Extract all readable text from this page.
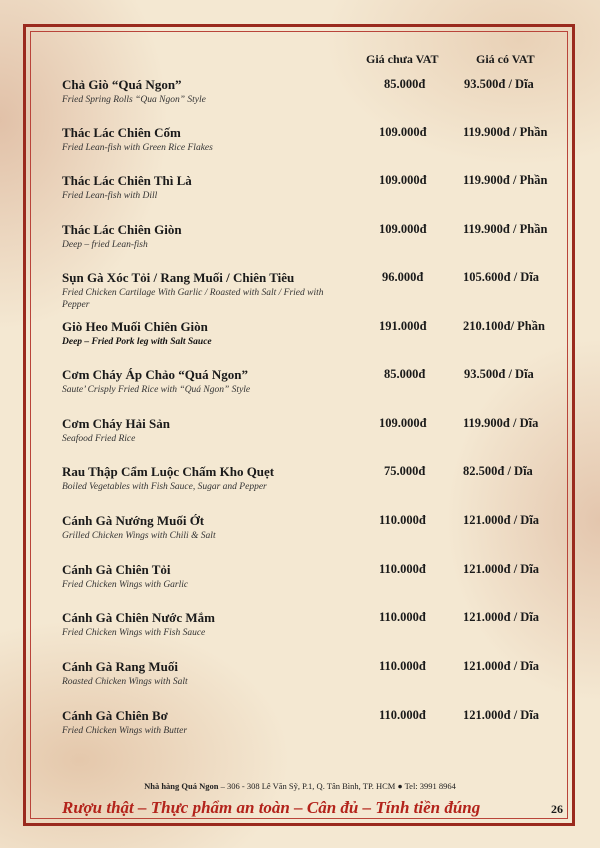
Giá chưa VAT	Giá có VAT
Chả Giò “Quá Ngon”
Fried Spring Rolls “Qua Ngon” Style
85.000đ	93.500đ / Dĩa
Thác Lác Chiên Cốm
Fried Lean-fish with Green Rice Flakes
109.000đ	119.900đ / Phần
Thác Lác Chiên Thì Là
Fried Lean-fish with Dill
109.000đ	119.900đ / Phần
Thác Lác Chiên Giòn
Deep – fried Lean-fish
109.000đ	119.900đ / Phần
Sụn Gà Xóc Tỏi / Rang Muối / Chiên Tiêu
Fried Chicken Cartilage With Garlic / Roasted with Salt / Fried with Pepper
96.000đ	105.600đ / Dĩa
Giò Heo Muối Chiên Giòn
Deep – Fried Pork leg with Salt Sauce
191.000đ	210.100đ/ Phần
Cơm Cháy Áp Chảo “Quá Ngon”
Saute’ Crisply Fried Rice with “Quá Ngon” Style
85.000đ	93.500đ / Dĩa
Cơm Cháy Hải Sản
Seafood Fried Rice
109.000đ	119.900đ / Dĩa
Rau Thập Cẩm Luộc Chấm Kho Quẹt
Boiled Vegetables with Fish Sauce, Sugar and Pepper
75.000đ	82.500đ / Dĩa
Cánh Gà Nướng Muối Ớt
Grilled Chicken Wings with Chili & Salt
110.000đ	121.000đ / Dĩa
Cánh Gà Chiên Tỏi
Fried Chicken Wings with Garlic
110.000đ	121.000đ / Dĩa
Cánh Gà Chiên Nước Mắm
Fried Chicken Wings with Fish Sauce
110.000đ	121.000đ / Dĩa
Cánh Gà Rang Muối
Roasted Chicken Wings with Salt
110.000đ	121.000đ / Dĩa
Cánh Gà Chiên Bơ
Fried Chicken Wings with Butter
110.000đ	121.000đ / Dĩa
Nhà hàng Quá Ngon – 306 - 308 Lê Văn Sỹ, P.1, Q. Tân Bình, TP. HCM ● Tel: 3991 8964
Rượu thật – Thực phẩm an toàn – Cân đủ – Tính tiền đúng	26
